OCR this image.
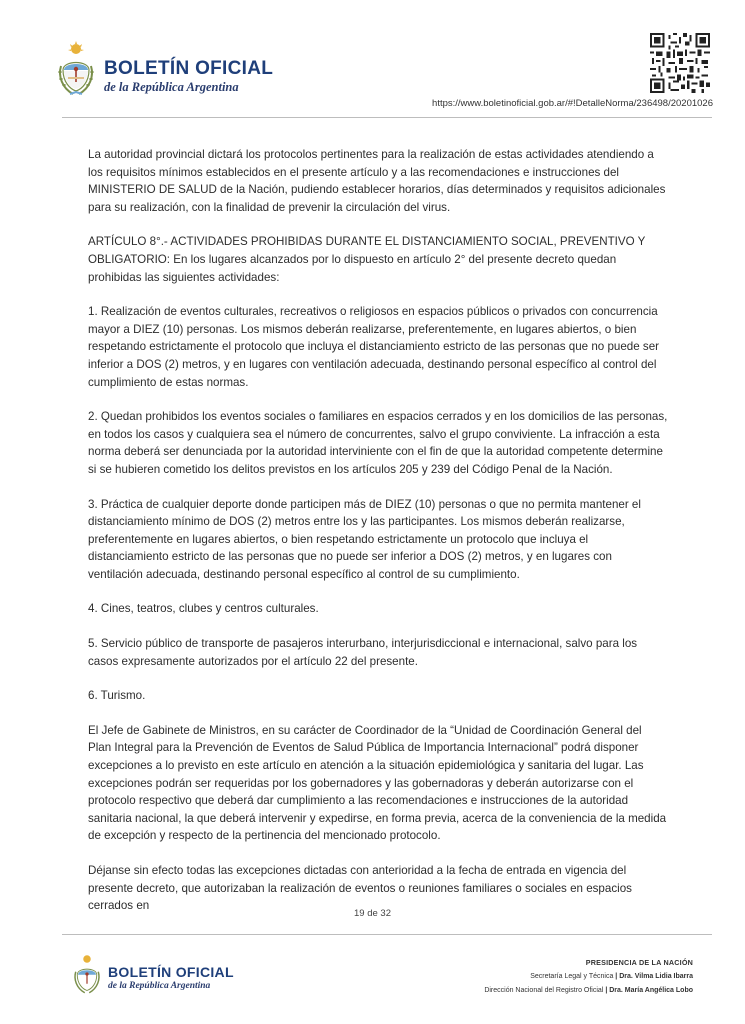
BOLETÍN OFICIAL
de la República Argentina
https://www.boletinoficial.gob.ar/#!DetalleNorma/236498/20201026

La autoridad provincial dictará los protocolos pertinentes para la realización de estas actividades atendiendo a los requisitos mínimos establecidos en el presente artículo y a las recomendaciones e instrucciones del MINISTERIO DE SALUD de la Nación, pudiendo establecer horarios, días determinados y requisitos adicionales para su realización, con la finalidad de prevenir la circulación del virus.

ARTÍCULO 8°.- ACTIVIDADES PROHIBIDAS DURANTE EL DISTANCIAMIENTO SOCIAL, PREVENTIVO Y OBLIGATORIO: En los lugares alcanzados por lo dispuesto en artículo 2° del presente decreto quedan prohibidas las siguientes actividades:

1. Realización de eventos culturales, recreativos o religiosos en espacios públicos o privados con concurrencia mayor a DIEZ (10) personas. Los mismos deberán realizarse, preferentemente, en lugares abiertos, o bien respetando estrictamente el protocolo que incluya el distanciamiento estricto de las personas que no puede ser inferior a DOS (2) metros, y en lugares con ventilación adecuada, destinando personal específico al control del cumplimiento de estas normas.

2. Quedan prohibidos los eventos sociales o familiares en espacios cerrados y en los domicilios de las personas, en todos los casos y cualquiera sea el número de concurrentes, salvo el grupo conviviente. La infracción a esta norma deberá ser denunciada por la autoridad interviniente con el fin de que la autoridad competente determine si se hubieren cometido los delitos previstos en los artículos 205 y 239 del Código Penal de la Nación.

3. Práctica de cualquier deporte donde participen más de DIEZ (10) personas o que no permita mantener el distanciamiento mínimo de DOS (2) metros entre los y las participantes. Los mismos deberán realizarse, preferentemente en lugares abiertos, o bien respetando estrictamente un protocolo que incluya el distanciamiento estricto de las personas que no puede ser inferior a DOS (2) metros, y en lugares con ventilación adecuada, destinando personal específico al control de su cumplimiento.

4. Cines, teatros, clubes y centros culturales.

5. Servicio público de transporte de pasajeros interurbano, interjurisdiccional e internacional, salvo para los casos expresamente autorizados por el artículo 22 del presente.

6. Turismo.

El Jefe de Gabinete de Ministros, en su carácter de Coordinador de la “Unidad de Coordinación General del Plan Integral para la Prevención de Eventos de Salud Pública de Importancia Internacional” podrá disponer excepciones a lo previsto en este artículo en atención a la situación epidemiológica y sanitaria del lugar. Las excepciones podrán ser requeridas por los gobernadores y las gobernadoras y deberán autorizarse con el protocolo respectivo que deberá dar cumplimiento a las recomendaciones e instrucciones de la autoridad sanitaria nacional, la que deberá intervenir y expedirse, en forma previa, acerca de la conveniencia de la medida de excepción y respecto de la pertinencia del mencionado protocolo.

Déjanse sin efecto todas las excepciones dictadas con anterioridad a la fecha de entrada en vigencia del presente decreto, que autorizaban la realización de eventos o reuniones familiares o sociales en espacios cerrados en

19 de 32
BOLETÍN OFICIAL
de la República Argentina
PRESIDENCIA DE LA NACIÓN
Secretaría Legal y Técnica | Dra. Vilma Lidia Ibarra
Dirección Nacional del Registro Oficial | Dra. María Angélica Lobo
